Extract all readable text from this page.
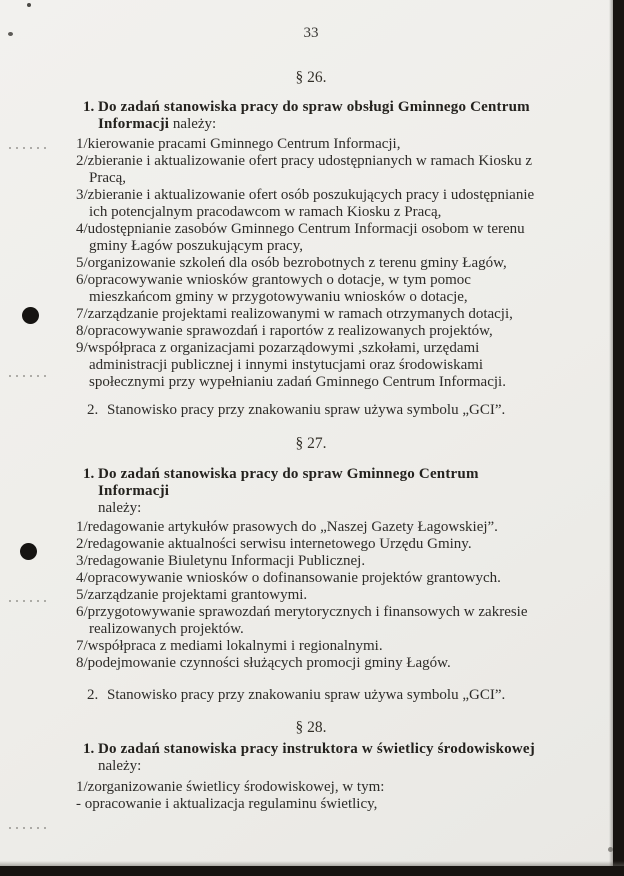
33
§ 26.
1. Do zadań stanowiska pracy do spraw obsługi Gminnego Centrum Informacji należy:
1/kierowanie pracami Gminnego Centrum Informacji,
2/zbieranie i aktualizowanie ofert pracy udostępnianych w ramach Kiosku z Pracą,
3/zbieranie i aktualizowanie ofert osób poszukujących pracy i udostępnianie ich potencjalnym pracodawcom w ramach Kiosku z Pracą,
4/udostępnianie zasobów Gminnego Centrum Informacji osobom w terenu gminy Łagów poszukującym pracy,
5/organizowanie szkoleń dla osób bezrobotnych z terenu gminy Łagów,
6/opracowywanie wniosków grantowych o dotacje, w tym pomoc mieszkańcom gminy w przygotowywaniu wniosków o dotacje,
7/zarządzanie projektami realizowanymi w ramach otrzymanych dotacji,
8/opracowywanie sprawozdań i raportów z realizowanych projektów,
9/współpraca z organizacjami pozarządowymi ,szkołami, urzędami administracji publicznej i innymi instytucjami oraz środowiskami społecznymi przy wypełnianiu zadań Gminnego Centrum Informacji.
2. Stanowisko pracy przy znakowaniu spraw używa symbolu „GCI”.
§ 27.
1. Do zadań stanowiska pracy do spraw Gminnego Centrum Informacji
należy:
1/redagowanie artykułów prasowych do „Naszej Gazety Łagowskiej”.
2/redagowanie aktualności serwisu internetowego Urzędu Gminy.
3/redagowanie Biuletynu Informacji Publicznej.
4/opracowywanie wniosków o dofinansowanie projektów grantowych.
5/zarządzanie projektami grantowymi.
6/przygotowywanie sprawozdań merytorycznych i finansowych w zakresie realizowanych projektów.
7/współpraca z mediami lokalnymi i regionalnymi.
8/podejmowanie czynności służących promocji gminy Łagów.
2. Stanowisko pracy przy znakowaniu spraw używa symbolu „GCI”.
§ 28.
1. Do zadań stanowiska pracy instruktora w świetlicy środowiskowej
należy:
1/zorganizowanie świetlicy środowiskowej, w tym:
- opracowanie i aktualizacja regulaminu świetlicy,
